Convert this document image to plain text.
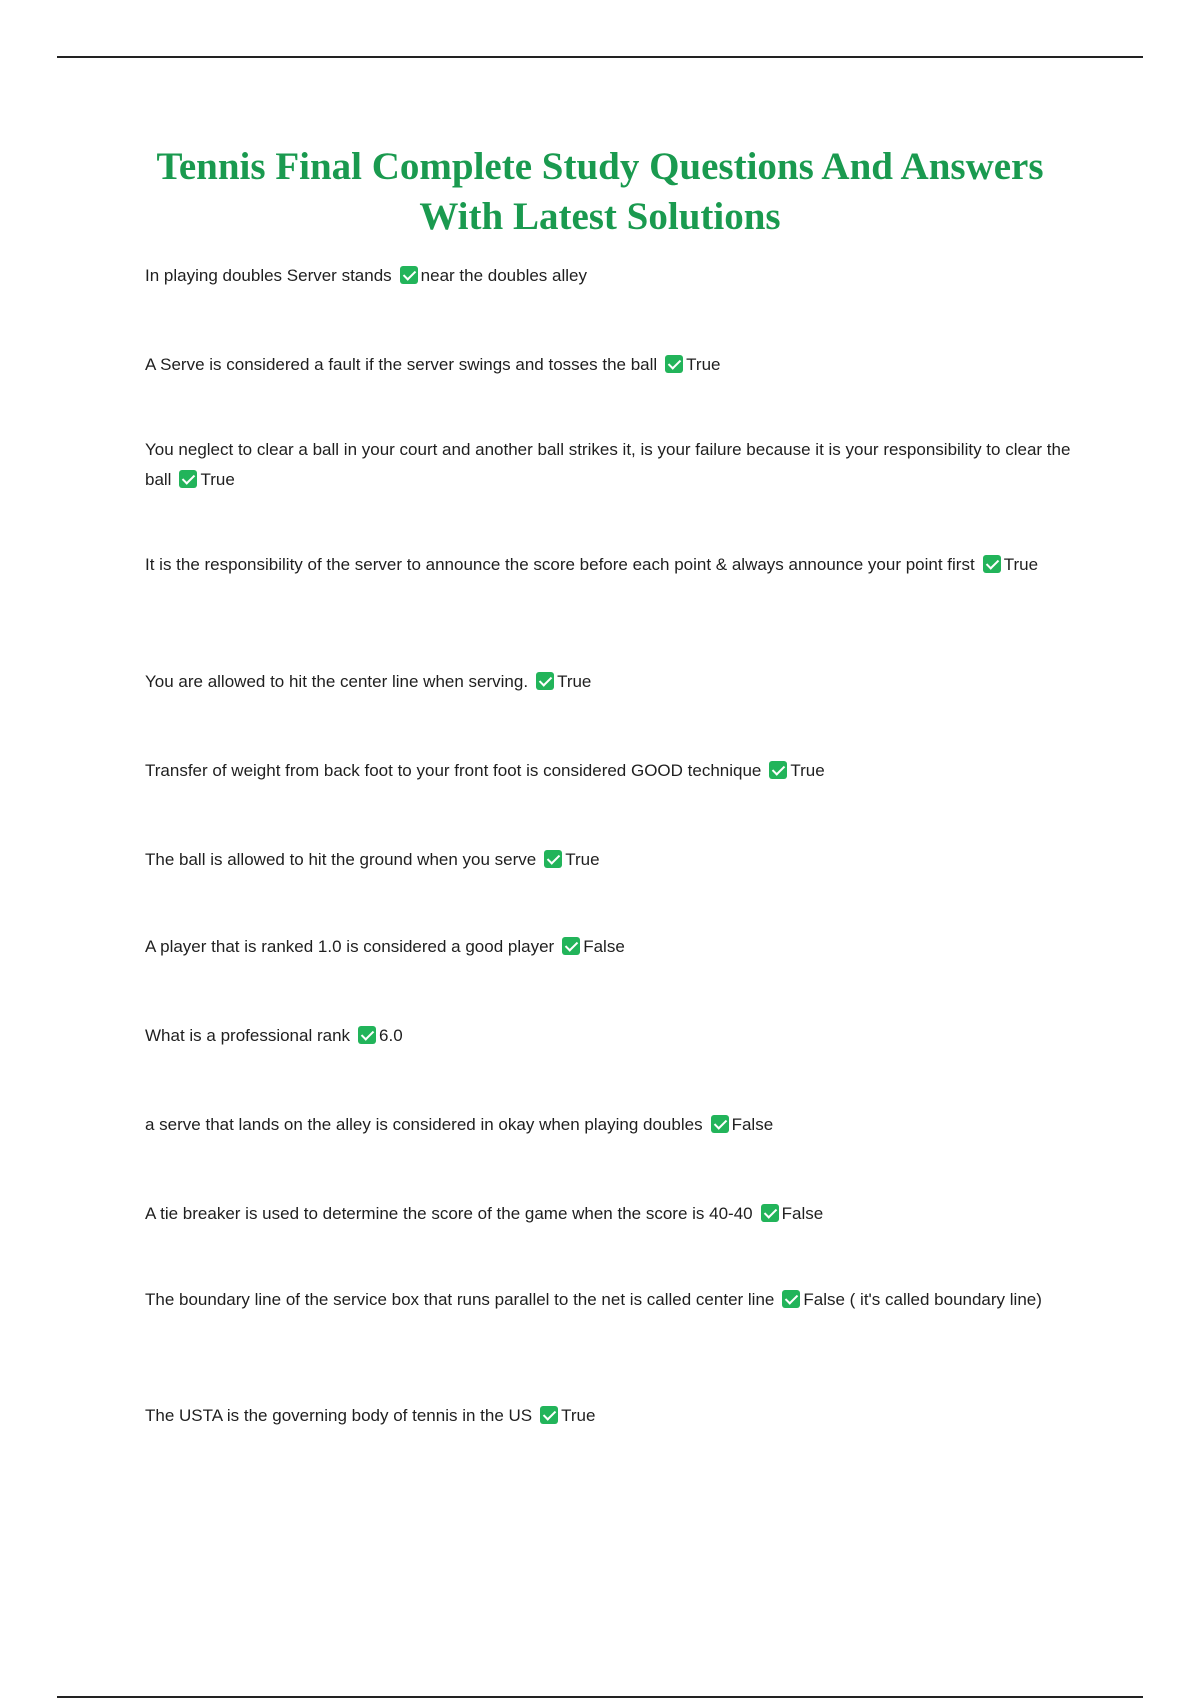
Tennis Final Complete Study Questions And Answers
With Latest Solutions
In playing doubles Server stands near the doubles alley
A Serve is considered a fault if the server swings and tosses the ball True
You neglect to clear a ball in your court and another ball strikes it, is your failure because it is your responsibility to clear the ball True
It is the responsibility of the server to announce the score before each point & always announce your point first True
You are allowed to hit the center line when serving. True
Transfer of weight from back foot to your front foot is considered GOOD technique True
The ball is allowed to hit the ground when you serve True
A player that is ranked 1.0 is considered a good player False
What is a professional rank 6.0
a serve that lands on the alley is considered in okay when playing doubles False
A tie breaker is used to determine the score of the game when the score is 40-40 False
The boundary line of the service box that runs parallel to the net is called center line False ( it's called boundary line)
The USTA is the governing body of tennis in the US True
